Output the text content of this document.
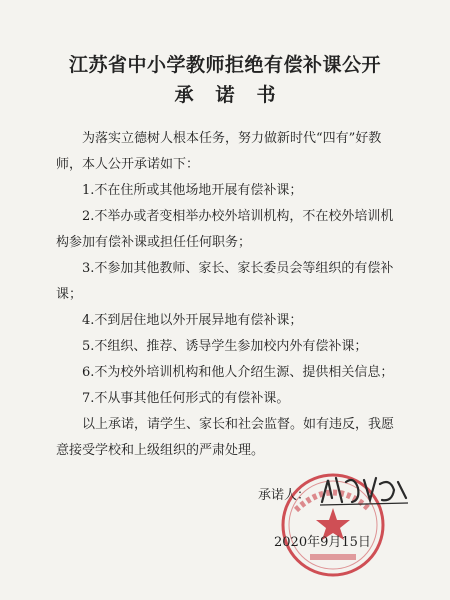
江苏省中小学教师拒绝有偿补课公开
承诺书

为落实立德树人根本任务，努力做新时代“四有”好教师，本人公开承诺如下：

1.不在住所或其他场地开展有偿补课；

2.不举办或者变相举办校外培训机构，不在校外培训机构参加有偿补课或担任任何职务；

3.不参加其他教师、家长、家长委员会等组织的有偿补课；

4.不到居住地以外开展异地有偿补课；

5.不组织、推荐、诱导学生参加校内外有偿补课；

6.不为校外培训机构和他人介绍生源、提供相关信息；

7.不从事其他任何形式的有偿补课。

以上承诺，请学生、家长和社会监督。如有违反，我愿意接受学校和上级组织的严肃处理。

承诺人：
2020年9月15日
